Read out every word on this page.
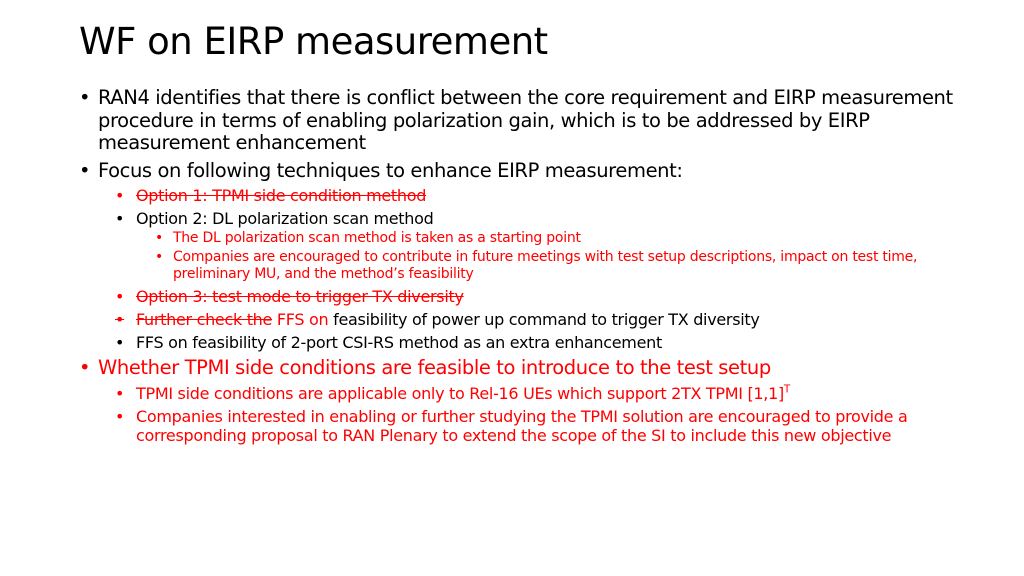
WF on EIRP measurement
• RAN4 identifies that there is conflict between the core requirement and EIRP measurement procedure in terms of enabling polarization gain, which is to be addressed by EIRP measurement enhancement
• Focus on following techniques to enhance EIRP measurement:
• Option 1: TPMI side condition method
• Option 2: DL polarization scan method
• The DL polarization scan method is taken as a starting point
• Companies are encouraged to contribute in future meetings with test setup descriptions, impact on test time, preliminary MU, and the method’s feasibility
• Option 3: test mode to trigger TX diversity
• Further check the FFS on feasibility of power up command to trigger TX diversity
• FFS on feasibility of 2-port CSI-RS method as an extra enhancement
• Whether TPMI side conditions are feasible to introduce to the test setup
• TPMI side conditions are applicable only to Rel-16 UEs which support 2TX TPMI $[1,1]^T$
• Companies interested in enabling or further studying the TPMI solution are encouraged to provide a corresponding proposal to RAN Plenary to extend the scope of the SI to include this new objective
